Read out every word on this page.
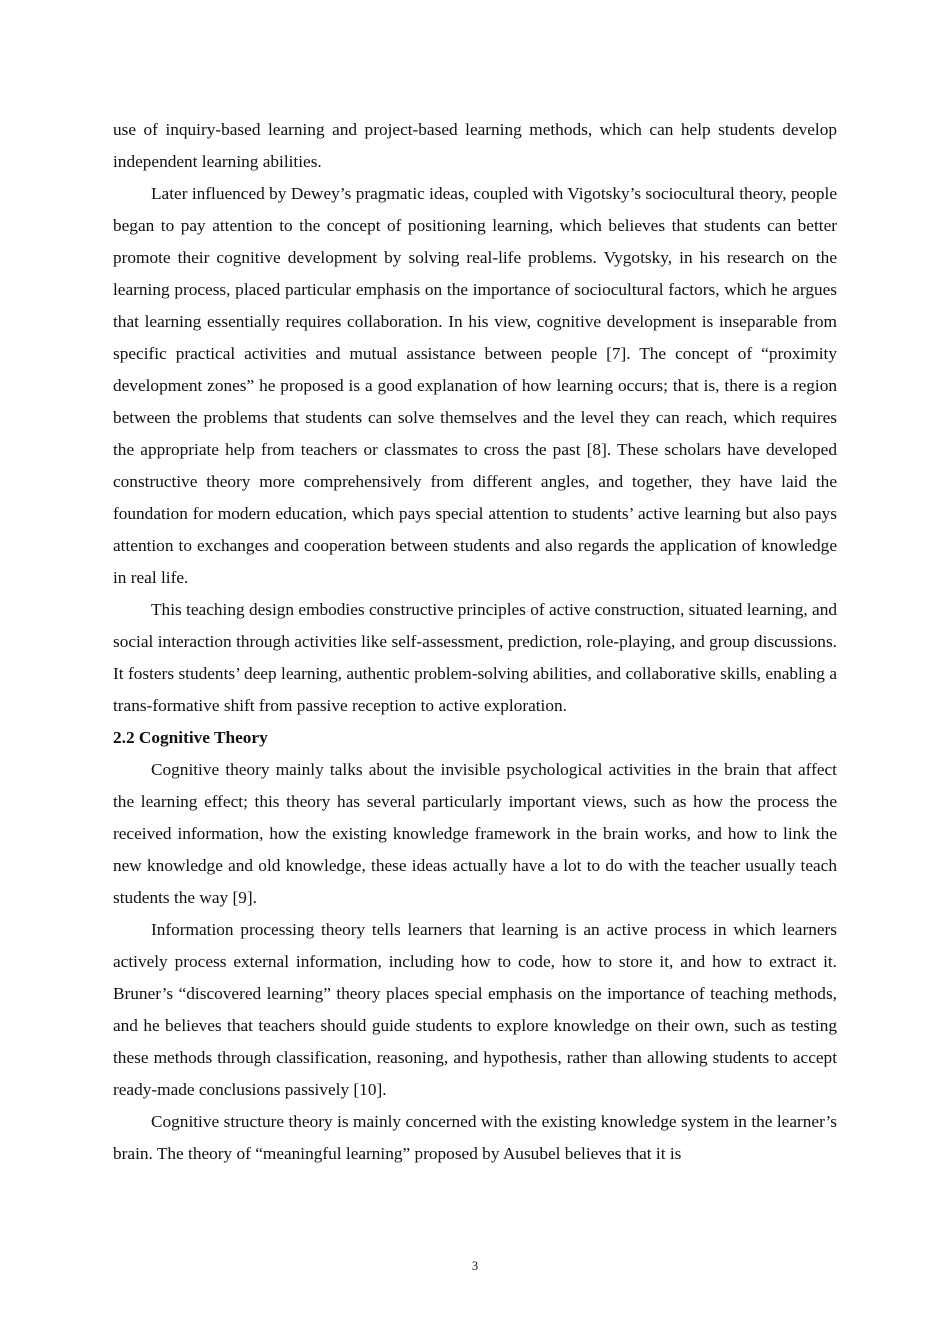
use of inquiry-based learning and project-based learning methods, which can help students develop independent learning abilities.

Later influenced by Dewey’s pragmatic ideas, coupled with Vigotsky’s sociocultural theory, people began to pay attention to the concept of positioning learning, which believes that students can better promote their cognitive development by solving real-life problems. Vygotsky, in his research on the learning process, placed particular emphasis on the importance of sociocultural factors, which he argues that learning essentially requires collaboration. In his view, cognitive development is inseparable from specific practical activities and mutual assistance between people [7]. The concept of “proximity development zones” he proposed is a good explanation of how learning occurs; that is, there is a region between the problems that students can solve themselves and the level they can reach, which requires the appropriate help from teachers or classmates to cross the past [8]. These scholars have developed constructive theory more comprehensively from different angles, and together, they have laid the foundation for modern education, which pays special attention to students’ active learning but also pays attention to exchanges and cooperation between students and also regards the application of knowledge in real life.

This teaching design embodies constructive principles of active construction, situated learning, and social interaction through activities like self-assessment, prediction, role-playing, and group discussions. It fosters students’ deep learning, authentic problem-solving abilities, and collaborative skills, enabling a trans-formative shift from passive reception to active exploration.

2.2 Cognitive Theory

Cognitive theory mainly talks about the invisible psychological activities in the brain that affect the learning effect; this theory has several particularly important views, such as how the process the received information, how the existing knowledge framework in the brain works, and how to link the new knowledge and old knowledge, these ideas actually have a lot to do with the teacher usually teach students the way [9].

Information processing theory tells learners that learning is an active process in which learners actively process external information, including how to code, how to store it, and how to extract it. Bruner’s “discovered learning” theory places special emphasis on the importance of teaching methods, and he believes that teachers should guide students to explore knowledge on their own, such as testing these methods through classification, reasoning, and hypothesis, rather than allowing students to accept ready-made conclusions passively [10].

Cognitive structure theory is mainly concerned with the existing knowledge system in the learner’s brain. The theory of “meaningful learning” proposed by Ausubel believes that it is

3
